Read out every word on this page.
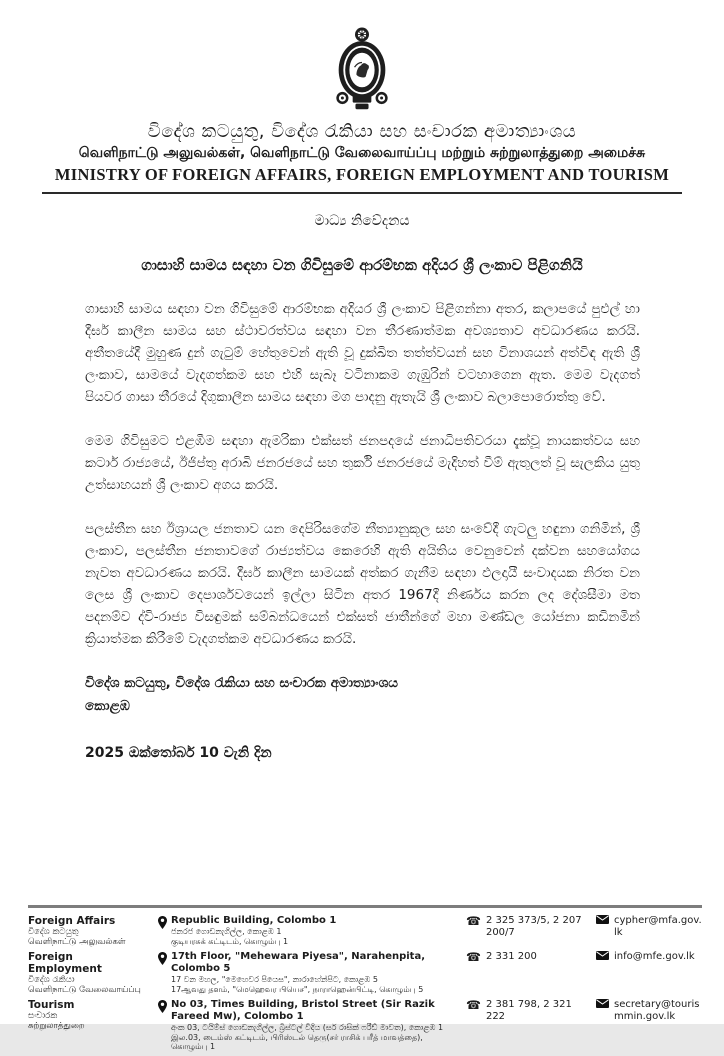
විදේශ කටයුතු, විදේශ රැකියා සහ සංචාරක අමාත්‍යාංශය
வெளிநாட்டு அலுவல்கள், வெளிநாட்டு வேலைவாய்ப்பு மற்றும் சுற்றுலாத்துறை அமைச்சு
MINISTRY OF FOREIGN AFFAIRS, FOREIGN EMPLOYMENT AND TOURISM
මාධ්‍ය නිවේදනය
ගාසාහි සාමය සඳහා වන ගිවිසුමේ ආරම්භක අදියර ශ්‍රී ලංකාව පිළිගනියි

ගාසාහි සාමය සඳහා වන ගිවිසුමේ ආරම්භක අදියර ශ්‍රී ලංකාව පිළිගන්නා අතර, කලාපයේ පුළුල් හා දීර්ඝ කාලීන සාමය සහ ස්ථාවරත්වය සඳහා වන තීරණාත්මක අවශ්‍යතාව අවධාරණය කරයි. අතීතයේදී මුහුණ දුන් ගැටුම් හේතුවෙන් ඇති වූ දුක්ඛිත තත්ත්වයන් සහ විනාශයන් අත්විඳ ඇති ශ්‍රී ලංකාව, සාමයේ වැදගත්කම සහ එහි සැබෑ වටිනාකම ගැඹුරින් වටහාගෙන ඇත. මෙම වැදගත් පියවර ගාසා තීරයේ දිගුකාලීන සාමය සඳහා මග පාදනු ඇතැයි ශ්‍රී ලංකාව බලාපොරොත්තු වේ.

මෙම ගිවිසුමට එළඹීම සඳහා ඇමරිකා එක්සත් ජනපදයේ ජනාධිපතිවරයා දැක්වූ නායකත්වය සහ කටාර් රාජ්‍යයේ, ඊජිප්තු අරාබි ජනරජයේ සහ තුර්කි ජනරජයේ මැදිහත් වීම් ඇතුලත් වූ සැලකිය යුතු උත්සාහයන් ශ්‍රී ලංකාව අගය කරයි.

පලස්තීන සහ ඊශ්‍රායල ජනතාව යන දෙපිරිසගේම නීත්‍යානුකූල සහ සංවේදී ගැටලු හඳුනා ගනිමින්, ශ්‍රී ලංකාව, පලස්තීන ජනතාවගේ රාජ්‍යත්වය කෙරෙහි ඇති අයිතිය වෙනුවෙන් දක්වන සහයෝගය නැවත අවධාරණය කරයි. දීර්ඝ කාලීන සාමයක් අත්කර ගැනීම සඳහා ඵලදායී සංවාදයක නිරත වන ලෙස ශ්‍රී ලංකාව දෙපාර්ශවයෙන් ඉල්ලා සිටින අතර 1967දී නිර්ණය කරන ලද දේශසීමා මත පදනම්ව ද්වි-රාජ්‍ය විසඳුමක් සම්බන්ධයෙන් එක්සත් ජාතීන්ගේ මහා මණ්ඩල යෝජනා කඩිනමින් ක්‍රියාත්මක කිරීමේ වැදගත්කම අවධාරණය කරයි.

විදේශ කටයුතු, විදේශ රැකියා සහ සංචාරක අමාත්‍යාංශය
කොළඹ
2025 ඔක්තෝබර් 10 වැනි දින
Foreign Affairs
විදේශ කටයුතු
வெளிநாட்டு அலுவல்கள்
Republic Building, Colombo 1
ජනරජ ගොඩනැගිල්ල, කොළඹ 1
குடியரசுக் கட்டிடம், கொழும்பு 1
☎ 2 325 373/5, 2 207 200/7
cypher@mfa.gov.lk
Foreign Employment
විදේශ රැකියා
வெளிநாட்டு வேலைவாய்ப்பு
17th Floor, "Mehewara Piyesa", Narahenpita, Colombo 5
17 වන මහල, "මෙහෙවර පියෙස", නාරාහේන්පිට, කොළඹ 5
17ஆவது தளம், "மெஹெவர பியெச", நாராஹென்பிட்டி, கொழும்பு 5
☎ 2 331 200	info@mfe.gov.lk
Tourism
සංචාරක
சுற்றுலாத்துறை
No 03, Times Building, Bristol Street (Sir Razik Fareed Mw), Colombo 1
අංක 03, ටයිම්ස් ගොඩනැගිල්ල, බ්‍රිස්ටල් වීදිය (සර් රාසික් ෆරීඩ් මාවත), කොළඹ 1
இல.03, டைம்ஸ் கட்டிடம், பிரிஸ்டல் தெரு(சர் ராசிக் பரீத் மாவத்தை), கொழும்பு 1
☎ 2 381 798, 2 321 222
secretary@tourismmin.gov.lk
